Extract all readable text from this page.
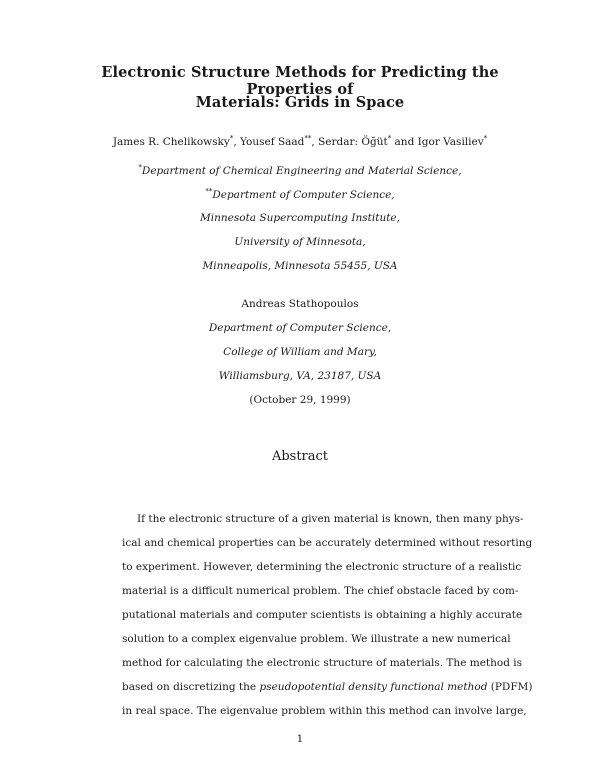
Electronic Structure Methods for Predicting the Properties of
Materials: Grids in Space
James R. Chelikowsky*, Yousef Saad**, Serdar: Öğüt* and Igor Vasiliev*
*Department of Chemical Engineering and Material Science,
**Department of Computer Science,
Minnesota Supercomputing Institute,
University of Minnesota,
Minneapolis, Minnesota 55455, USA
Andreas Stathopoulos
Department of Computer Science,
College of William and Mary,
Williamsburg, VA, 23187, USA
(October 29, 1999)
Abstract
If the electronic structure of a given material is known, then many phys-
ical and chemical properties can be accurately determined without resorting
to experiment. However, determining the electronic structure of a realistic
material is a difficult numerical problem. The chief obstacle faced by com-
putational materials and computer scientists is obtaining a highly accurate
solution to a complex eigenvalue problem. We illustrate a new numerical
method for calculating the electronic structure of materials. The method is
based on discretizing the pseudopotential density functional method (PDFM)
in real space. The eigenvalue problem within this method can involve large,
1
